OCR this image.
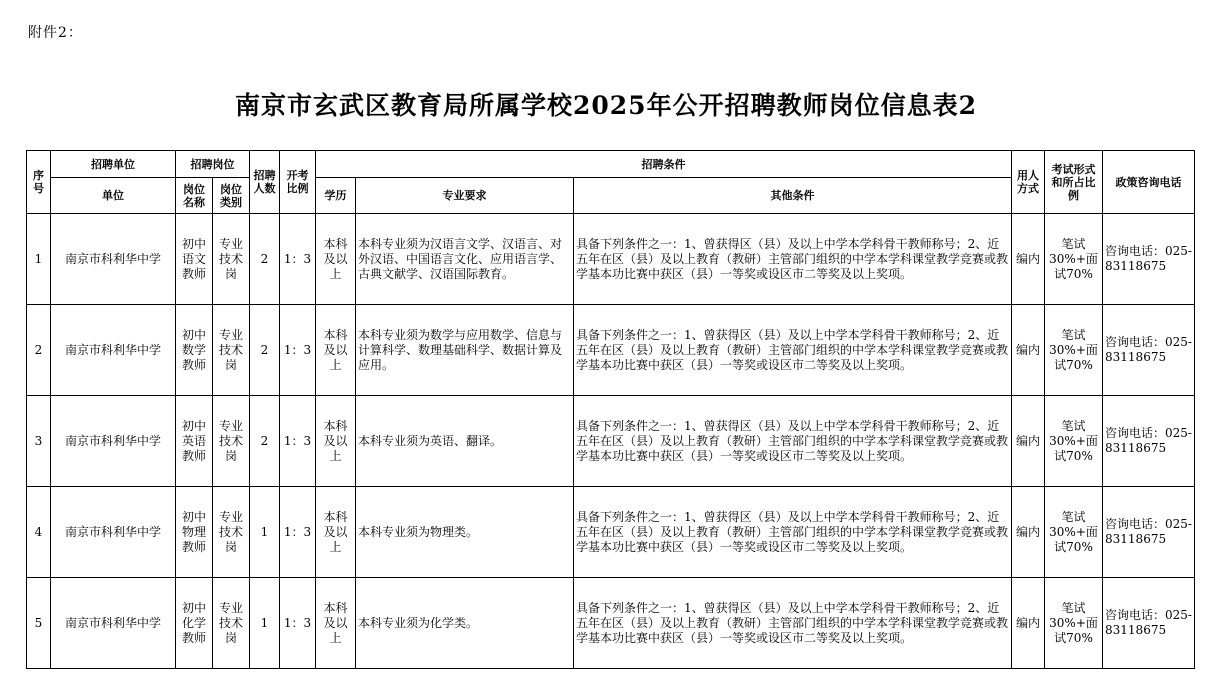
附件2：
南京市玄武区教育局所属学校2025年公开招聘教师岗位信息表2
序号	招聘单位	招聘岗位		招聘人数	开考比例	招聘条件			用人方式	考试形式和所占比例	政策咨询电话
	单位	岗位名称	岗位类别			学历	专业要求	其他条件			
1	南京市科利华中学	初中语文教师	专业技术岗	2	1：3	本科及以上	本科专业须为汉语言文学、汉语言、对外汉语、中国语言文化、应用语言学、古典文献学、汉语国际教育。	具备下列条件之一：1、曾获得区（县）及以上中学本学科骨干教师称号；2、近五年在区（县）及以上教育（教研）主管部门组织的中学本学科课堂教学竞赛或教学基本功比赛中获区（县）一等奖或设区市二等奖及以上奖项。	编内	笔试30%+面试70%	咨询电话：025-83118675
2	南京市科利华中学	初中数学教师	专业技术岗	2	1：3	本科及以上	本科专业须为数学与应用数学、信息与计算科学、数理基础科学、数据计算及应用。	具备下列条件之一：1、曾获得区（县）及以上中学本学科骨干教师称号；2、近五年在区（县）及以上教育（教研）主管部门组织的中学本学科课堂教学竞赛或教学基本功比赛中获区（县）一等奖或设区市二等奖及以上奖项。	编内	笔试30%+面试70%	咨询电话：025-83118675
3	南京市科利华中学	初中英语教师	专业技术岗	2	1：3	本科及以上	本科专业须为英语、翻译。	具备下列条件之一：1、曾获得区（县）及以上中学本学科骨干教师称号；2、近五年在区（县）及以上教育（教研）主管部门组织的中学本学科课堂教学竞赛或教学基本功比赛中获区（县）一等奖或设区市二等奖及以上奖项。	编内	笔试30%+面试70%	咨询电话：025-83118675
4	南京市科利华中学	初中物理教师	专业技术岗	1	1：3	本科及以上	本科专业须为物理类。	具备下列条件之一：1、曾获得区（县）及以上中学本学科骨干教师称号；2、近五年在区（县）及以上教育（教研）主管部门组织的中学本学科课堂教学竞赛或教学基本功比赛中获区（县）一等奖或设区市二等奖及以上奖项。	编内	笔试30%+面试70%	咨询电话：025-83118675
5	南京市科利华中学	初中化学教师	专业技术岗	1	1：3	本科及以上	本科专业须为化学类。	具备下列条件之一：1、曾获得区（县）及以上中学本学科骨干教师称号；2、近五年在区（县）及以上教育（教研）主管部门组织的中学本学科课堂教学竞赛或教学基本功比赛中获区（县）一等奖或设区市二等奖及以上奖项。	编内	笔试30%+面试70%	咨询电话：025-83118675
